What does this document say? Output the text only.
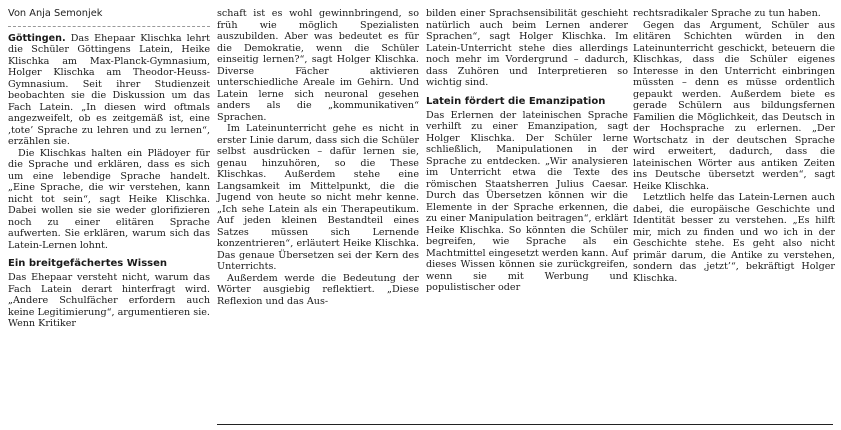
Von Anja Semonjek

Göttingen. Das Ehepaar Klischka lehrt die Schüler Göttingens Latein, Heike Klischka am Max-Planck-Gymnasium, Holger Klischka am Theodor-Heuss-Gymnasium. Seit ihrer Studienzeit beobachten sie die Diskussion um das Fach Latein. „In diesen wird oftmals angezweifelt, ob es zeitgemäß ist, eine ‚tote’ Sprache zu lehren und zu lernen“, erzählen sie.

Die Klischkas halten ein Plädoyer für die Sprache und erklären, dass es sich um eine lebendige Sprache handelt. „Eine Sprache, die wir verstehen, kann nicht tot sein“, sagt Heike Klischka. Dabei wollen sie sie weder glorifizieren noch zu einer elitären Sprache aufwerten. Sie erklären, warum sich das Latein-Lernen lohnt.

Ein breitgefächertes Wissen

Das Ehepaar versteht nicht, warum das Fach Latein derart hinterfragt wird. „Andere Schulfächer erfordern auch keine Legitimierung“, argumentieren sie. Wenn Kritiker

schaft ist es wohl gewinnbringend, so früh wie möglich Spezialisten auszubilden. Aber was bedeutet es für die Demokratie, wenn die Schüler einseitig lernen?“, sagt Holger Klischka. Diverse Fächer aktivieren unterschiedliche Areale im Gehirn. Und Latein lerne sich neuronal gesehen anders als die „kommunikativen“ Sprachen.

Im Lateinunterricht gehe es nicht in erster Linie darum, dass sich die Schüler selbst ausdrücken – dafür lernen sie, genau hinzuhören, so die These Klischkas. Außerdem stehe eine Langsamkeit im Mittelpunkt, die die Jugend von heute so nicht mehr kenne. „Ich sehe Latein als ein Therapeutikum. Auf jeden kleinen Bestandteil eines Satzes müssen sich Lernende konzentrieren“, erläutert Heike Klischka. Das genaue Übersetzen sei der Kern des Unterrichts.

Außerdem werde die Bedeutung der Wörter ausgiebig reflektiert. „Diese Reflexion und das Aus-

bilden einer Sprachsensibilität geschieht natürlich auch beim Lernen anderer Sprachen“, sagt Holger Klischka. Im Latein-Unterricht stehe dies allerdings noch mehr im Vordergrund – dadurch, dass Zuhören und Interpretieren so wichtig sind.

Latein fördert die Emanzipation

Das Erlernen der lateinischen Sprache verhilft zu einer Emanzipation, sagt Holger Klischka. Der Schüler lerne schließlich, Manipulationen in der Sprache zu entdecken. „Wir analysieren im Unterricht etwa die Texte des römischen Staatsherren Julius Caesar. Durch das Übersetzen können wir die Elemente in der Sprache erkennen, die zu einer Manipulation beitragen“, erklärt Heike Klischka. So könnten die Schüler begreifen, wie Sprache als ein Machtmittel eingesetzt werden kann. Auf dieses Wissen können sie zurückgreifen, wenn sie mit Werbung und populistischer oder

rechtsradikaler Sprache zu tun haben.

Gegen das Argument, Schüler aus elitären Schichten würden in den Lateinunterricht geschickt, beteuern die Klischkas, dass die Schüler eigenes Interesse in den Unterricht einbringen müssten – denn es müsse ordentlich gepaukt werden. Außerdem biete es gerade Schülern aus bildungsfernen Familien die Möglichkeit, das Deutsch in der Hochsprache zu erlernen. „Der Wortschatz in der deutschen Sprache wird erweitert, dadurch, dass die lateinischen Wörter aus antiken Zeiten ins Deutsche übersetzt werden“, sagt Heike Klischka.

Letztlich helfe das Latein-Lernen auch dabei, die europäische Geschichte und Identität besser zu verstehen. „Es hilft mir, mich zu finden und wo ich in der Geschichte stehe. Es geht also nicht primär darum, die Antike zu verstehen, sondern das ‚jetzt’“, bekräftigt Holger Klischka.
